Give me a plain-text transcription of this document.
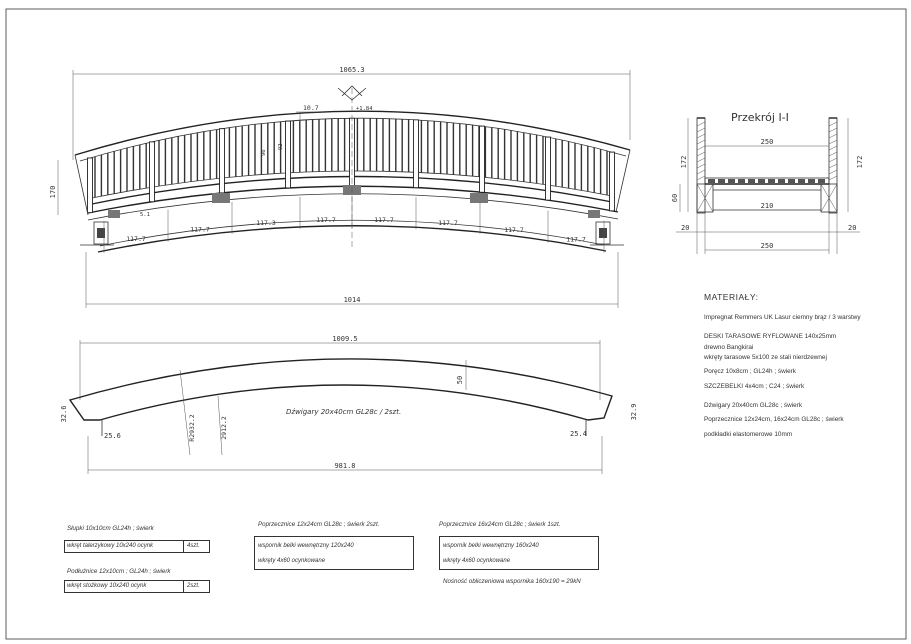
1065.3
170
+1.84
10.7
96
92
5.1
117.7
117.7
117.3	117.7	117.7	117.7
117.7
117.7
1014
Przekrój I-I
250
210
172	172
60
20	20
250
1009.5
32.6	32.9
25.6	25.4
R2932.2	2912.2
50
Dźwigary 20x40cm GL28c / 2szt.
981.8
MATERIAŁY:
Impregnat Remmers UK Lasur ciemny brąz / 3 warstwy
DESKI TARASOWE RYFLOWANE 140x25mm
drewno Bangkirai
wkręty tarasowe 5x100 ze stali nierdzewnej
Poręcz 10x8cm ; GL24h ; świerk
SZCZEBELKI 4x4cm ; C24 ; świerk
Dźwigary 20x40cm GL28c ; świerk
Poprzecznice 12x24cm, 16x24cm GL28c ; świerk
podkładki elastomerowe 10mm
Słupki 10x10cm GL24h ; świerk
wkręt talerzykowy 10x240 ocynk	4szt.
Podłużnice 12x10cm ; GL24h ; świerk
wkręt stożkowy 10x240 ocynk	2szt.
Poprzecznice 12x24cm GL28c ; świerk 2szt.
wspornik belki wewnętrzny 120x240
wkręty 4x60 ocynkowane
Poprzecznice 16x24cm GL28c ; świerk 1szt.
wspornik belki wewnętrzny 160x240
wkręty 4x60 ocynkowane
Nośność obliczeniowa wspornika 160x190 = 29kN
